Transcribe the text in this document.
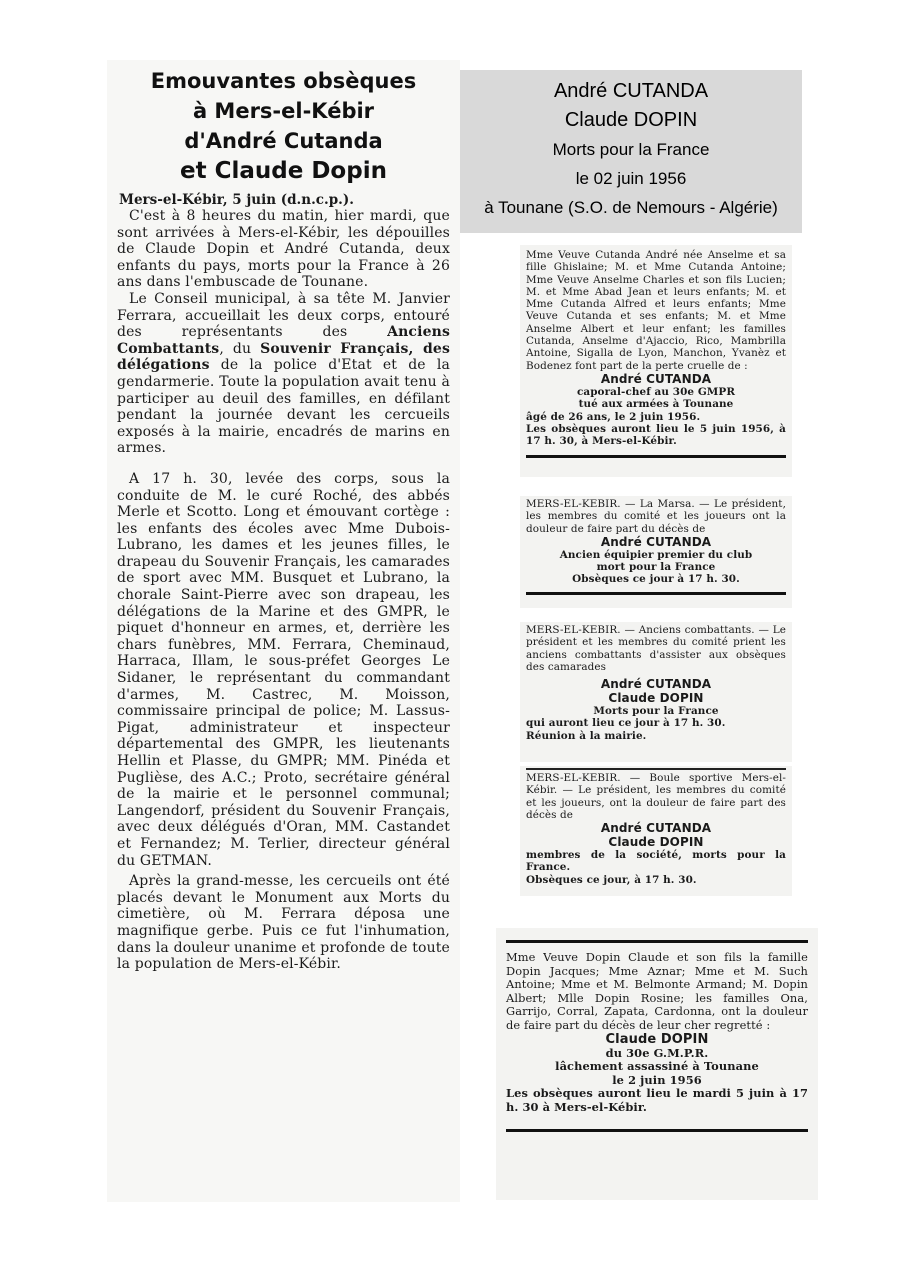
Emouvantes obsèques
à Mers-el-Kébir
d'André Cutanda
et Claude Dopin
Mers-el-Kébir, 5 juin (d.n.c.p.).

C'est à 8 heures du matin, hier mardi, que sont arrivées à Mers-el-Kébir, les dépouilles de Claude Dopin et André Cutanda, deux enfants du pays, morts pour la France à 26 ans dans l'embuscade de Tounane.

Le Conseil municipal, à sa tête M. Janvier Ferrara, accueillait les deux corps, entouré des représentants des Anciens Combattants, du Souvenir Français, des délégations de la police d'Etat et de la gendarmerie. Toute la population avait tenu à participer au deuil des familles, en défilant pendant la journée devant les cercueils exposés à la mairie, encadrés de marins en armes.

A 17 h. 30, levée des corps, sous la conduite de M. le curé Roché, des abbés Merle et Scotto. Long et émouvant cortège : les enfants des écoles avec Mme Dubois-Lubrano, les dames et les jeunes filles, le drapeau du Souvenir Français, les camarades de sport avec MM. Busquet et Lubrano, la chorale Saint-Pierre avec son drapeau, les délégations de la Marine et des GMPR, le piquet d'honneur en armes, et, derrière les chars funèbres, MM. Ferrara, Cheminaud, Harraca, Illam, le sous-préfet Georges Le Sidaner, le représentant du commandant d'armes, M. Castrec, M. Moisson, commissaire principal de police; M. Lassus-Pigat, administrateur et inspecteur départemental des GMPR, les lieutenants Hellin et Plasse, du GMPR; MM. Pinéda et Puglièse, des A.C.; Proto, secrétaire général de la mairie et le personnel communal; Langendorf, président du Souvenir Français, avec deux délégués d'Oran, MM. Castandet et Fernandez; M. Terlier, directeur général du GETMAN.

Après la grand-messe, les cercueils ont été placés devant le Monument aux Morts du cimetière, où M. Ferrara déposa une magnifique gerbe. Puis ce fut l'inhumation, dans la douleur unanime et profonde de toute la population de Mers-el-Kébir.

André CUTANDA
Claude DOPIN
Morts pour la France
le 02 juin 1956
à Tounane (S.O. de Nemours - Algérie)

Mme Veuve Cutanda André née Anselme et sa fille Ghislaine; M. et Mme Cutanda Antoine; Mme Veuve Anselme Charles et son fils Lucien; M. et Mme Abad Jean et leurs enfants; M. et Mme Cutanda Alfred et leurs enfants; Mme Veuve Cutanda et ses enfants; M. et Mme Anselme Albert et leur enfant; les familles Cutanda, Anselme d'Ajaccio, Rico, Mambrilla Antoine, Sigalla de Lyon, Manchon, Yvanèz et Bodenez font part de la perte cruelle de :

André CUTANDA

caporal-chef au 30e GMPR

tué aux armées à Tounane

âgé de 26 ans, le 2 juin 1956.

Les obsèques auront lieu le 5 juin 1956, à 17 h. 30, à Mers-el-Kébir.

MERS-EL-KEBIR. — La Marsa. — Le président, les membres du comité et les joueurs ont la douleur de faire part du décès de

André CUTANDA

Ancien équipier premier du club

mort pour la France

Obsèques ce jour à 17 h. 30.

MERS-EL-KEBIR. — Anciens combattants. — Le président et les membres du comité prient les anciens combattants d'assister aux obsèques des camarades

André CUTANDA
Claude DOPIN

Morts pour la France

qui auront lieu ce jour à 17 h. 30.

Réunion à la mairie.

MERS-EL-KEBIR. — Boule sportive Mers-el-Kébir. — Le président, les membres du comité et les joueurs, ont la douleur de faire part des décès de

André CUTANDA
Claude DOPIN

membres de la société, morts pour la France.

Obsèques ce jour, à 17 h. 30.

Mme Veuve Dopin Claude et son fils la famille Dopin Jacques; Mme Aznar; Mme et M. Such Antoine; Mme et M. Belmonte Armand; M. Dopin Albert; Mlle Dopin Rosine; les familles Ona, Garrijo, Corral, Zapata, Cardonna, ont la douleur de faire part du décès de leur cher regretté :

Claude DOPIN

du 30e G.M.P.R.

lâchement assassiné à Tounane

le 2 juin 1956

Les obsèques auront lieu le mardi 5 juin à 17 h. 30 à Mers-el-Kébir.
